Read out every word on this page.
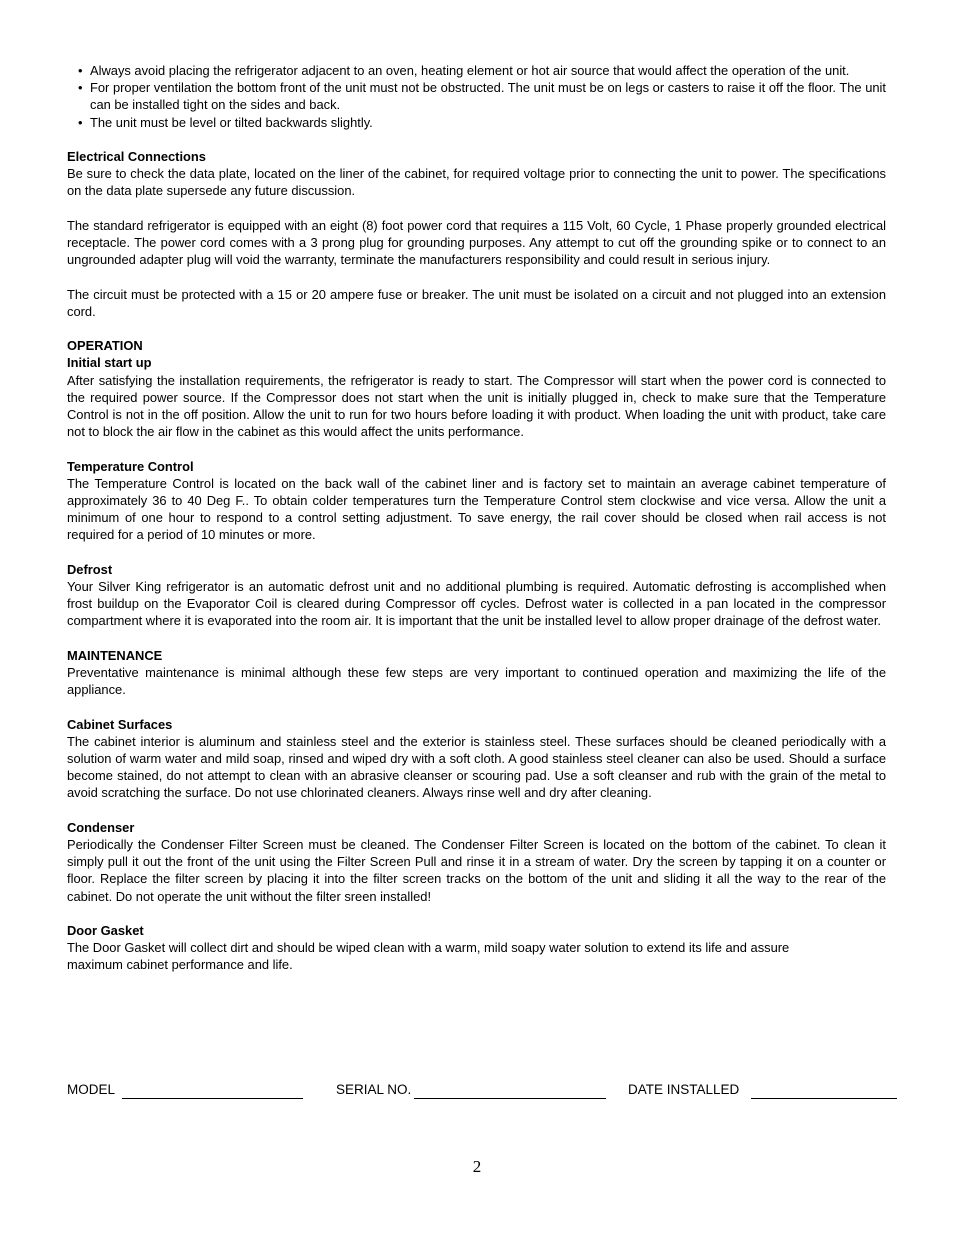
• Always avoid placing the refrigerator adjacent to an oven, heating element or hot air source that would affect the operation of the unit.
• For proper ventilation the bottom front of the unit must not be obstructed. The unit must be on legs or casters to raise it off the floor. The unit can be installed tight on the sides and back.
• The unit must be level or tilted backwards slightly.
Electrical Connections

Be sure to check the data plate, located on the liner of the cabinet, for required voltage prior to connecting the unit to power. The specifications on the data plate supersede any future discussion.

The standard refrigerator is equipped with an eight (8) foot power cord that requires a 115 Volt, 60 Cycle, 1 Phase properly grounded electrical receptacle. The power cord comes with a 3 prong plug for grounding purposes. Any attempt to cut off the grounding spike or to connect to an ungrounded adapter plug will void the warranty, terminate the manufacturers responsibility and could result in serious injury.

The circuit must be protected with a 15 or 20 ampere fuse or breaker. The unit must be isolated on a circuit and not plugged into an extension cord.

OPERATION
Initial start up

After satisfying the installation requirements, the refrigerator is ready to start. The Compressor will start when the power cord is connected to the required power source. If the Compressor does not start when the unit is initially plugged in, check to make sure that the Temperature Control is not in the off position. Allow the unit to run for two hours before loading it with product. When loading the unit with product, take care not to block the air flow in the cabinet as this would affect the units performance.

Temperature Control

The Temperature Control is located on the back wall of the cabinet liner and is factory set to maintain an average cabinet temperature of approximately 36 to 40 Deg F.. To obtain colder temperatures turn the Temperature Control stem clockwise and vice versa. Allow the unit a minimum of one hour to respond to a control setting adjustment. To save energy, the rail cover should be closed when rail access is not required for a period of 10 minutes or more.

Defrost

Your Silver King refrigerator is an automatic defrost unit and no additional plumbing is required. Automatic defrosting is accomplished when frost buildup on the Evaporator Coil is cleared during Compressor off cycles. Defrost water is collected in a pan located in the compressor compartment where it is evaporated into the room air. It is important that the unit be installed level to allow proper drainage of the defrost water.

MAINTENANCE

Preventative maintenance is minimal although these few steps are very important to continued operation and maximizing the life of the appliance.

Cabinet Surfaces

The cabinet interior is aluminum and stainless steel and the exterior is stainless steel. These surfaces should be cleaned periodically with a solution of warm water and mild soap, rinsed and wiped dry with a soft cloth. A good stainless steel cleaner can also be used. Should a surface become stained, do not attempt to clean with an abrasive cleanser or scouring pad. Use a soft cleanser and rub with the grain of the metal to avoid scratching the surface. Do not use chlorinated cleaners. Always rinse well and dry after cleaning.

Condenser

Periodically the Condenser Filter Screen must be cleaned. The Condenser Filter Screen is located on the bottom of the cabinet. To clean it simply pull it out the front of the unit using the Filter Screen Pull and rinse it in a stream of water. Dry the screen by tapping it on a counter or floor. Replace the filter screen by placing it into the filter screen tracks on the bottom of the unit and sliding it all the way to the rear of the cabinet. Do not operate the unit without the filter sreen installed!

Door Gasket
The Door Gasket will collect dirt and should be wiped clean with a warm, mild soapy water solution to extend its life and assure
maximum cabinet performance and life.
MODEL	SERIAL NO.	DATE INSTALLED
2
